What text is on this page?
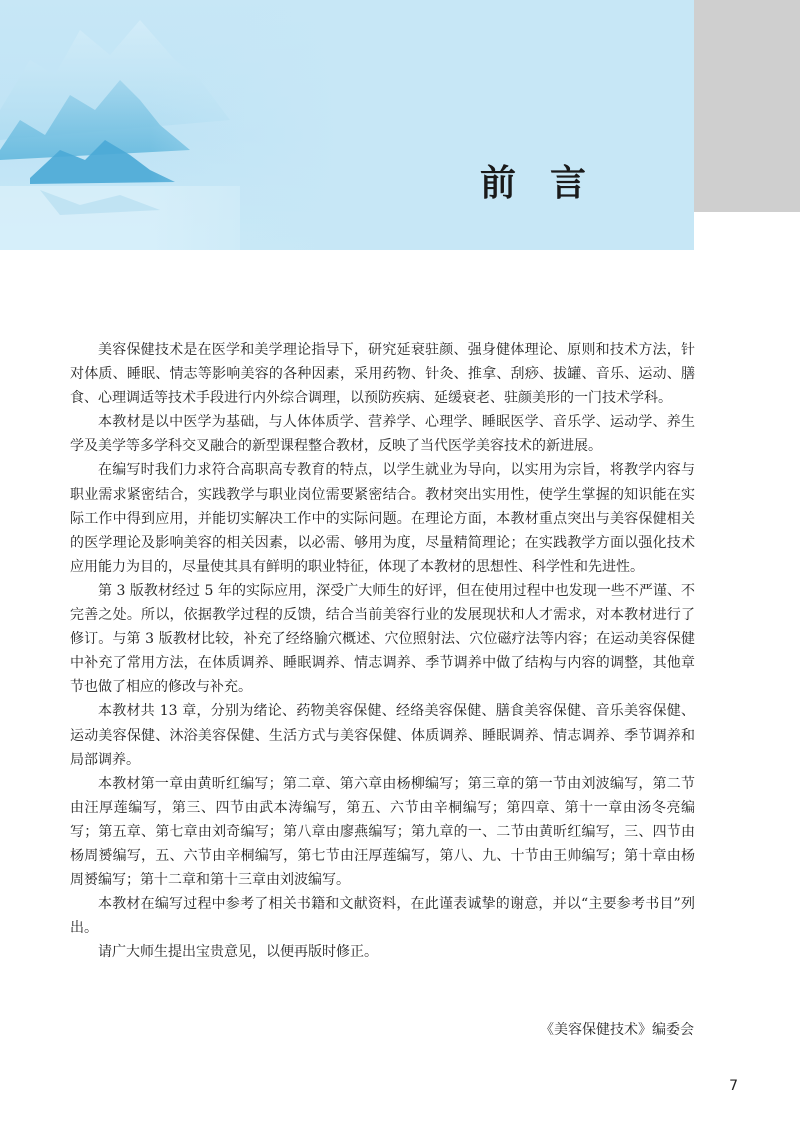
前言

美容保健技术是在医学和美学理论指导下，研究延衰驻颜、强身健体理论、原则和技术方法，针对体质、睡眠、情志等影响美容的各种因素，采用药物、针灸、推拿、刮痧、拔罐、音乐、运动、膳食、心理调适等技术手段进行内外综合调理，以预防疾病、延缓衰老、驻颜美形的一门技术学科。

本教材是以中医学为基础，与人体体质学、营养学、心理学、睡眠医学、音乐学、运动学、养生学及美学等多学科交叉融合的新型课程整合教材，反映了当代医学美容技术的新进展。

在编写时我们力求符合高职高专教育的特点，以学生就业为导向，以实用为宗旨，将教学内容与职业需求紧密结合，实践教学与职业岗位需要紧密结合。教材突出实用性，使学生掌握的知识能在实际工作中得到应用，并能切实解决工作中的实际问题。在理论方面，本教材重点突出与美容保健相关的医学理论及影响美容的相关因素，以必需、够用为度，尽量精简理论；在实践教学方面以强化技术应用能力为目的，尽量使其具有鲜明的职业特征，体现了本教材的思想性、科学性和先进性。

第 3 版教材经过 5 年的实际应用，深受广大师生的好评，但在使用过程中也发现一些不严谨、不完善之处。所以，依据教学过程的反馈，结合当前美容行业的发展现状和人才需求，对本教材进行了修订。与第 3 版教材比较，补充了经络腧穴概述、穴位照射法、穴位磁疗法等内容；在运动美容保健中补充了常用方法，在体质调养、睡眠调养、情志调养、季节调养中做了结构与内容的调整，其他章节也做了相应的修改与补充。

本教材共 13 章，分别为绪论、药物美容保健、经络美容保健、膳食美容保健、音乐美容保健、运动美容保健、沐浴美容保健、生活方式与美容保健、体质调养、睡眠调养、情志调养、季节调养和局部调养。

本教材第一章由黄昕红编写；第二章、第六章由杨柳编写；第三章的第一节由刘波编写，第二节由汪厚莲编写，第三、四节由武本涛编写，第五、六节由辛桐编写；第四章、第十一章由汤冬亮编写；第五章、第七章由刘奇编写；第八章由廖燕编写；第九章的一、二节由黄昕红编写，三、四节由杨周赟编写，五、六节由辛桐编写，第七节由汪厚莲编写，第八、九、十节由王帅编写；第十章由杨周赟编写；第十二章和第十三章由刘波编写。

本教材在编写过程中参考了相关书籍和文献资料，在此谨表诚挚的谢意，并以“主要参考书目”列出。

请广大师生提出宝贵意见，以便再版时修正。

《美容保健技术》编委会
7
